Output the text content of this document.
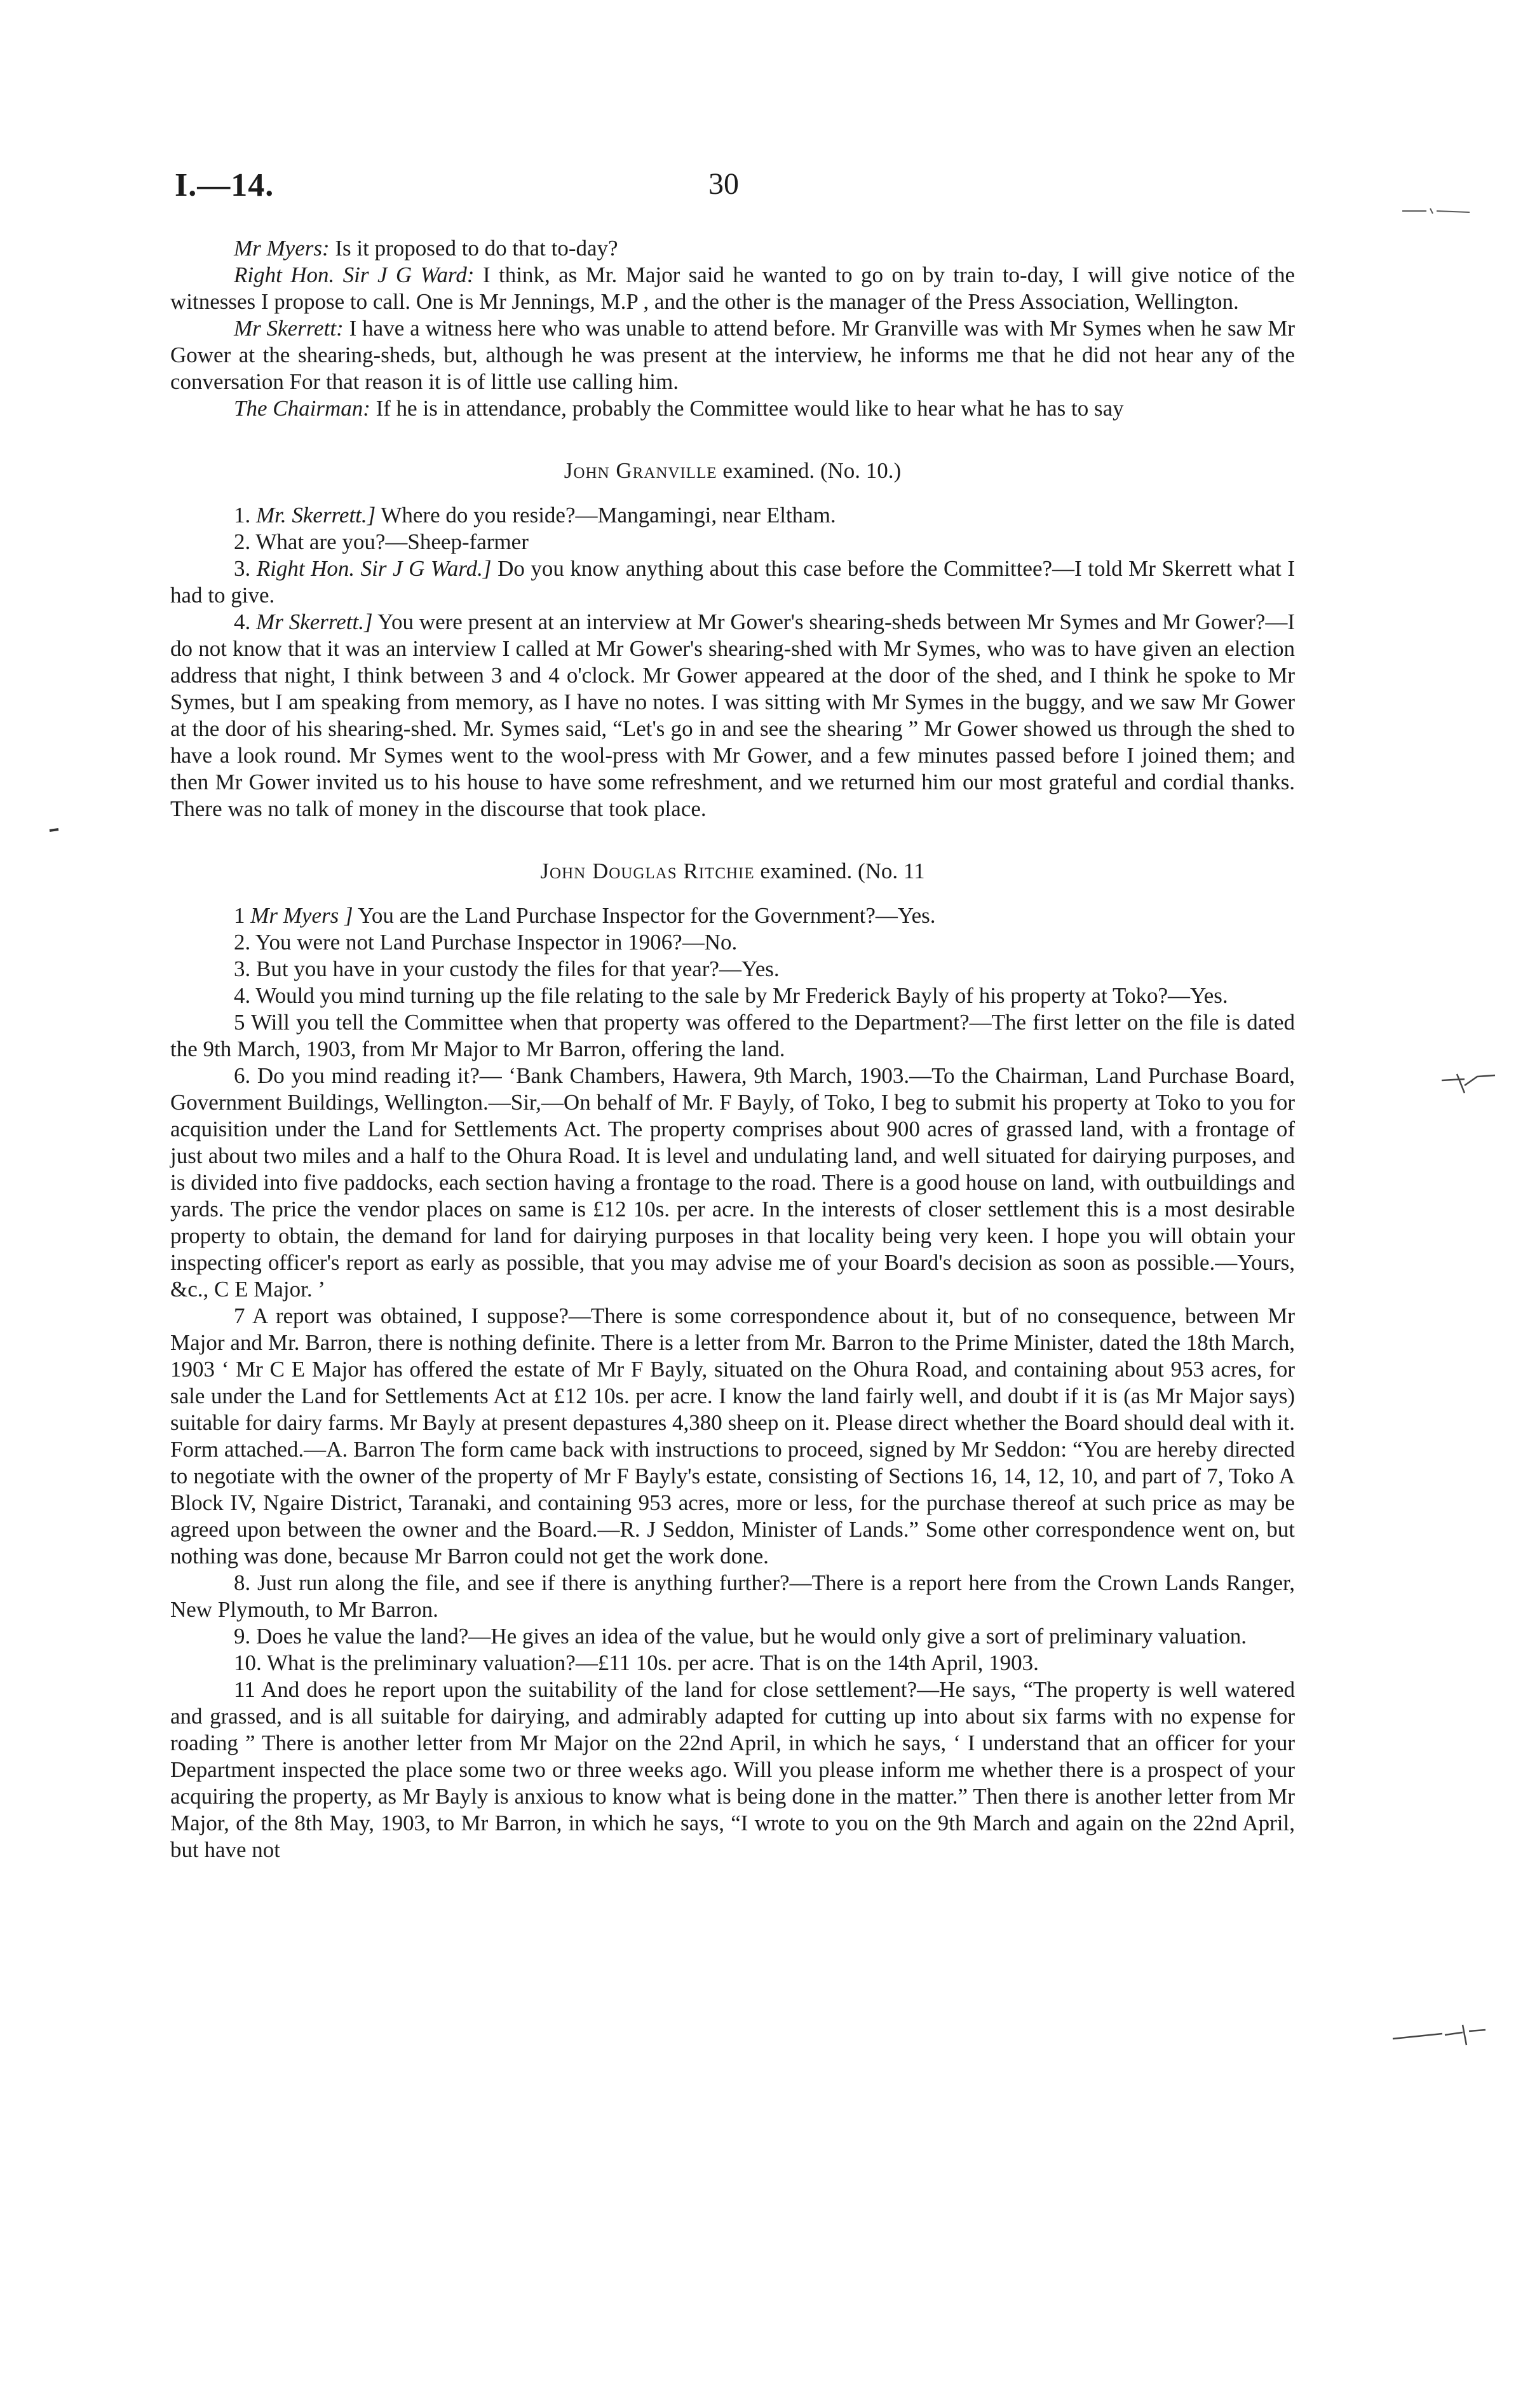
I.—14.	30

Mr Myers: Is it proposed to do that to-day?

Right Hon. Sir J G Ward: I think, as Mr. Major said he wanted to go on by train to-day, I will give notice of the witnesses I propose to call. One is Mr Jennings, M.P , and the other is the manager of the Press Association, Wellington.

Mr Skerrett: I have a witness here who was unable to attend before. Mr Granville was with Mr Symes when he saw Mr Gower at the shearing-sheds, but, although he was present at the interview, he informs me that he did not hear any of the conversation For that reason it is of little use calling him.

The Chairman: If he is in attendance, probably the Committee would like to hear what he has to say

John Granville examined. (No. 10.)

1. Mr. Skerrett.] Where do you reside?—Mangamingi, near Eltham.

2. What are you?—Sheep-farmer

3. Right Hon. Sir J G Ward.] Do you know anything about this case before the Committee?—I told Mr Skerrett what I had to give.

4. Mr Skerrett.] You were present at an interview at Mr Gower's shearing-sheds between Mr Symes and Mr Gower?—I do not know that it was an interview I called at Mr Gower's shearing-shed with Mr Symes, who was to have given an election address that night, I think between 3 and 4 o'clock. Mr Gower appeared at the door of the shed, and I think he spoke to Mr Symes, but I am speaking from memory, as I have no notes. I was sitting with Mr Symes in the buggy, and we saw Mr Gower at the door of his shearing-shed. Mr. Symes said, “Let's go in and see the shearing ” Mr Gower showed us through the shed to have a look round. Mr Symes went to the wool-press with Mr Gower, and a few minutes passed before I joined them; and then Mr Gower invited us to his house to have some refreshment, and we returned him our most grateful and cordial thanks. There was no talk of money in the discourse that took place.

John Douglas Ritchie examined. (No. 11

1 Mr Myers ] You are the Land Purchase Inspector for the Government?—Yes.

2. You were not Land Purchase Inspector in 1906?—No.

3. But you have in your custody the files for that year?—Yes.

4. Would you mind turning up the file relating to the sale by Mr Frederick Bayly of his property at Toko?—Yes.

5 Will you tell the Committee when that property was offered to the Department?—The first letter on the file is dated the 9th March, 1903, from Mr Major to Mr Barron, offering the land.

6. Do you mind reading it?— ‘Bank Chambers, Hawera, 9th March, 1903.—To the Chairman, Land Purchase Board, Government Buildings, Wellington.—Sir,—On behalf of Mr. F Bayly, of Toko, I beg to submit his property at Toko to you for acquisition under the Land for Settlements Act. The property comprises about 900 acres of grassed land, with a frontage of just about two miles and a half to the Ohura Road. It is level and undulating land, and well situated for dairying purposes, and is divided into five paddocks, each section having a frontage to the road. There is a good house on land, with outbuildings and yards. The price the vendor places on same is £12 10s. per acre. In the interests of closer settlement this is a most desirable property to obtain, the demand for land for dairying purposes in that locality being very keen. I hope you will obtain your inspecting officer's report as early as possible, that you may advise me of your Board's decision as soon as possible.—Yours, &c., C E Major. ’

7 A report was obtained, I suppose?—There is some correspondence about it, but of no consequence, between Mr Major and Mr. Barron, there is nothing definite. There is a letter from Mr. Barron to the Prime Minister, dated the 18th March, 1903 ‘ Mr C E Major has offered the estate of Mr F Bayly, situated on the Ohura Road, and containing about 953 acres, for sale under the Land for Settlements Act at £12 10s. per acre. I know the land fairly well, and doubt if it is (as Mr Major says) suitable for dairy farms. Mr Bayly at present depastures 4,380 sheep on it. Please direct whether the Board should deal with it. Form attached.—A. Barron The form came back with instructions to proceed, signed by Mr Seddon: “You are hereby directed to negotiate with the owner of the property of Mr F Bayly's estate, consisting of Sections 16, 14, 12, 10, and part of 7, Toko A Block IV, Ngaire District, Taranaki, and containing 953 acres, more or less, for the purchase thereof at such price as may be agreed upon between the owner and the Board.—R. J Seddon, Minister of Lands.” Some other correspondence went on, but nothing was done, because Mr Barron could not get the work done.

8. Just run along the file, and see if there is anything further?—There is a report here from the Crown Lands Ranger, New Plymouth, to Mr Barron.

9. Does he value the land?—He gives an idea of the value, but he would only give a sort of preliminary valuation.

10. What is the preliminary valuation?—£11 10s. per acre. That is on the 14th April, 1903.

11 And does he report upon the suitability of the land for close settlement?—He says, “The property is well watered and grassed, and is all suitable for dairying, and admirably adapted for cutting up into about six farms with no expense for roading ” There is another letter from Mr Major on the 22nd April, in which he says, ‘ I understand that an officer for your Department inspected the place some two or three weeks ago. Will you please inform me whether there is a prospect of your acquiring the property, as Mr Bayly is anxious to know what is being done in the matter.” Then there is another letter from Mr Major, of the 8th May, 1903, to Mr Barron, in which he says, “I wrote to you on the 9th March and again on the 22nd April, but have not
